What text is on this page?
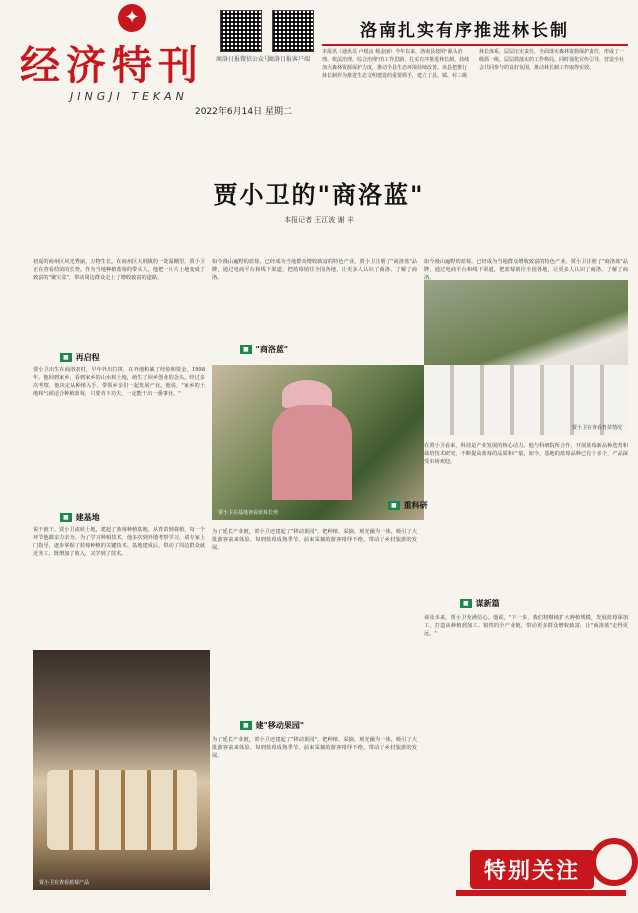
✦
经济特刊
JINGJI TEKAN
2022年6月14日 星期二
商洛日报微信公众号
商洛日报客户端
洛南扎实有序推进林长制
本报讯（通讯员 卢根良 杨金丽）今年以来，洛南县按照"源头治理、依法治理、综合治理"的工作思路，扎实有序推进林长制，持续加大森林资源保护力度，推动全县生态环境持续改善。该县把推行林长制作为推进生态文明建设的重要抓手，建立了县、镇、村三级林长体系，层层压实责任，全面落实森林资源保护责任，形成了一级抓一级、层层抓落实的工作格局。同时强化宣传引导，营造全社会共同参与的良好氛围，推动林长制工作取得实效。
贾小卫的"商洛蓝"
本报记者 王江波 谢 丰
初夏的商州区风光秀丽，万物生长。在商州区大荆镇的一处温棚里，贾小卫正在查看幼苗的长势。作为当地种植蓝莓的带头人，他把一片片土地变成了致富的"聚宝盆"，带动周边群众走上了增收致富的道路。
■ 再启程
贾小卫出生在商洛农村，早年外出打拼，在外地积累了经验和资金。1998年，他回到家乡，看到家乡的山水和土地，萌生了回乡创业的念头。经过多次考察，他决定从种植入手，带领乡亲们一起发展产业。他说，"家乡的土地和气候适合种植蓝莓，只要肯下功夫，一定能干出一番事业。"
■ 建基地
说干就干。贾小卫流转土地，建起了蓝莓种植基地，从育苗到栽植，每一个环节他都亲力亲为。为了学习种植技术，他多次到外地考察学习，请专家上门指导，逐步掌握了蓝莓种植的关键技术。基地建成后，带动了周边群众就近务工，既增加了收入，又学到了技术。
如今漫山遍野的蓝莓，已经成为当地群众增收致富的特色产业。贾小卫注册了"商洛蓝"品牌，通过电商平台和线下渠道，把蓝莓销往全国各地，让更多人认识了商洛、了解了商洛。
■ "商洛蓝"
贾小卫在基地查看蓝莓长势
为了延长产业链，贾小卫还建起了"移动果园"，把种植、采摘、观光融为一体，吸引了大批游客前来体验。每到蓝莓成熟季节，前来采摘的游客络绎不绝，带动了乡村旅游的发展。
■ 建"移动果园"
为了延长产业链，贾小卫还建起了"移动果园"，把种植、采摘、观光融为一体，吸引了大批游客前来体验。每到蓝莓成熟季节，前来采摘的游客络绎不绝，带动了乡村旅游的发展。
如今漫山遍野的蓝莓，已经成为当地群众增收致富的特色产业。贾小卫注册了"商洛蓝"品牌，通过电商平台和线下渠道，把蓝莓销往全国各地，让更多人认识了商洛、了解了商洛。
贾小卫在查看育苗情况
■ 重科研
在贾小卫看来，科技是产业发展的核心动力。他与科研院所合作，开展蓝莓新品种选育和栽培技术研究，不断提高蓝莓的品质和产量。如今，基地的蓝莓品种已有十多个，产品深受市场欢迎。
■ 谋新篇
谈及未来，贾小卫充满信心。他说，"下一步，我们将继续扩大种植规模，发展蓝莓深加工，打造从种植到加工、销售的全产业链，带动更多群众增收致富，让"商洛蓝"走得更远。"
贾小卫在查看蓝莓产品	特别关注
